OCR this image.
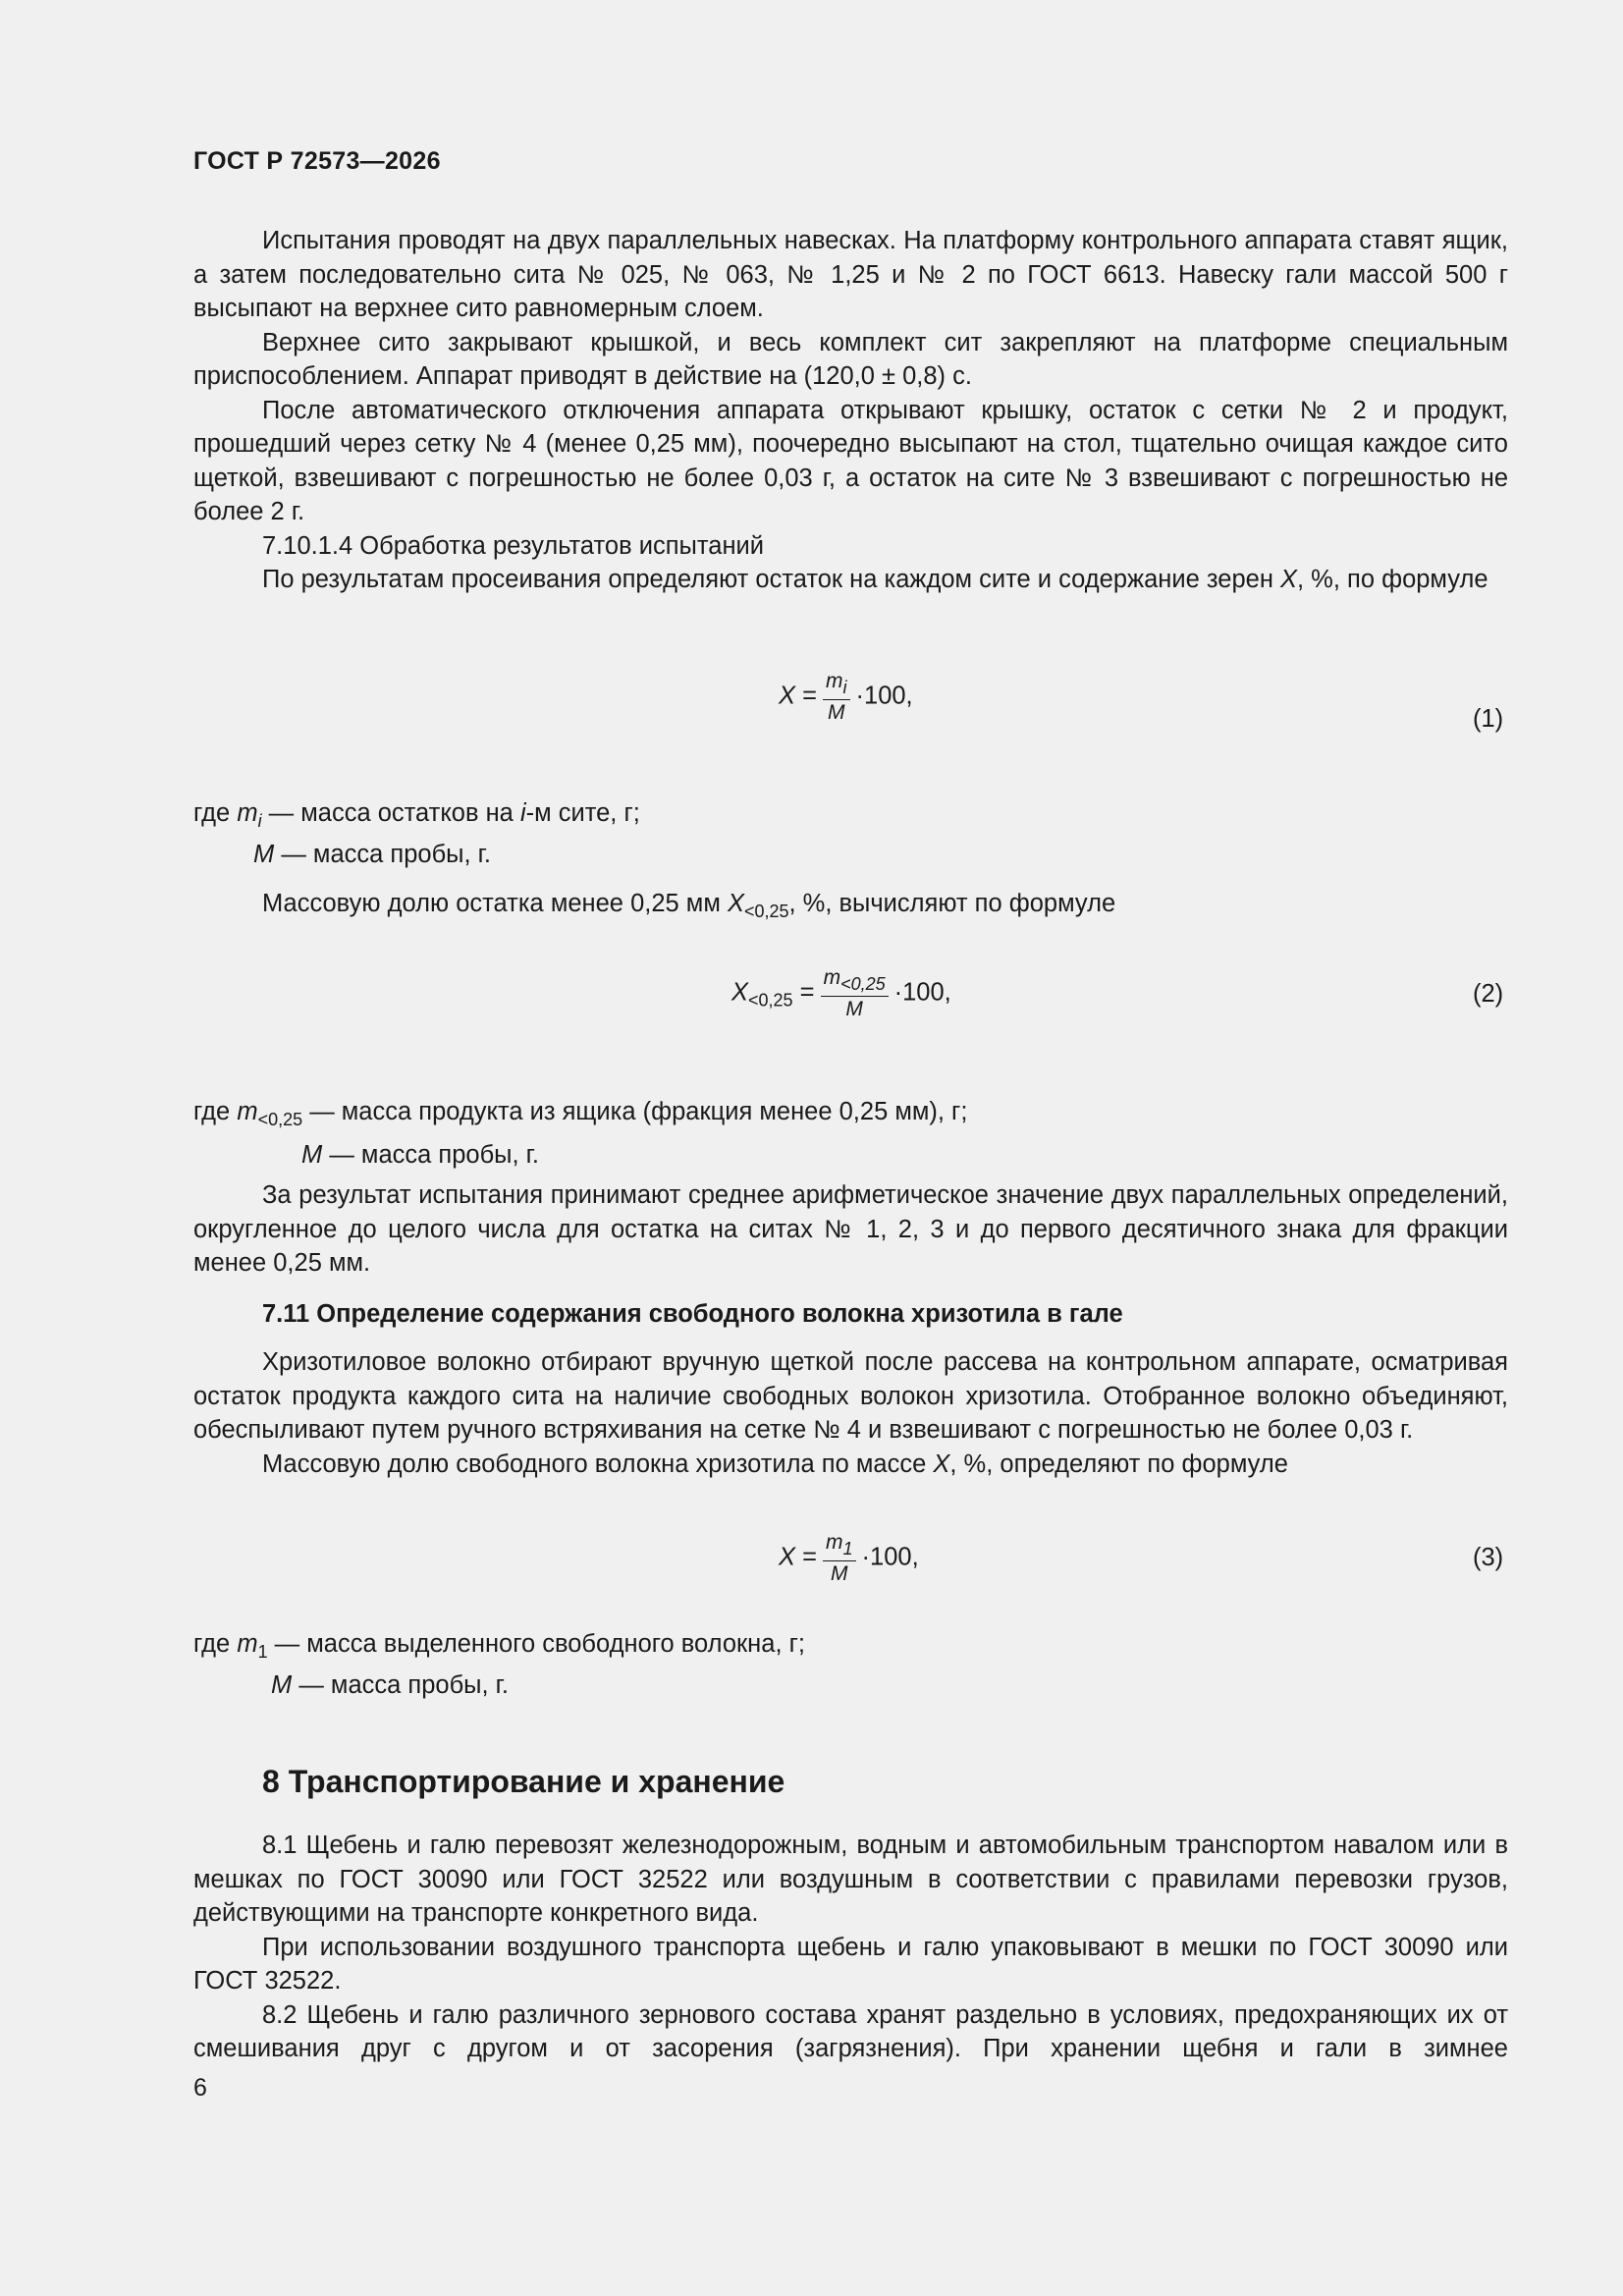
ГОСТ Р 72573—2026

Испытания проводят на двух параллельных навесках. На платформу контрольного аппарата ставят ящик, а затем последовательно сита № 025, № 063, № 1,25 и № 2 по ГОСТ 6613. Навеску гали массой 500 г высыпают на верхнее сито равномерным слоем.

Верхнее сито закрывают крышкой, и весь комплект сит закрепляют на платформе специальным приспособлением. Аппарат приводят в действие на (120,0 ± 0,8) с.

После автоматического отключения аппарата открывают крышку, остаток с сетки № 2 и продукт, прошедший через сетку № 4 (менее 0,25 мм), поочередно высыпают на стол, тщательно очищая каждое сито щеткой, взвешивают с погрешностью не более 0,03 г, а остаток на сите № 3 взвешивают с погрешностью не более 2 г.

7.10.1.4 Обработка результатов испытаний

По результатам просеивания определяют остаток на каждом сите и содержание зерен X, %, по формуле

$X = \frac{mi}{M} \cdot 100$,
(1)
где $m_i$ — масса остатков на i-м сите, г;
M — масса пробы, г.
Массовую долю остатка менее 0,25 мм $X_{<0,25}$, %, вычисляют по формуле
$X_{<0,25} = \frac{m<0,25}{M} \cdot 100$,	(2)
где $m_{<0,25}$ — масса продукта из ящика (фракция менее 0,25 мм), г;
M — масса пробы, г.

За результат испытания принимают среднее арифметическое значение двух параллельных определений, округленное до целого числа для остатка на ситах № 1, 2, 3 и до первого десятичного знака для фракции менее 0,25 мм.

7.11 Определение содержания свободного волокна хризотила в гале

Хризотиловое волокно отбирают вручную щеткой после рассева на контрольном аппарате, осматривая остаток продукта каждого сита на наличие свободных волокон хризотила. Отобранное волокно объединяют, обеспыливают путем ручного встряхивания на сетке № 4 и взвешивают с погрешностью не более 0,03 г.

Массовую долю свободного волокна хризотила по массе X, %, определяют по формуле

$X = \frac{m1}{M} \cdot 100$,	(3)
где $m_1$ — масса выделенного свободного волокна, г;
M — масса пробы, г.
8 Транспортирование и хранение

8.1 Щебень и галю перевозят железнодорожным, водным и автомобильным транспортом навалом или в мешках по ГОСТ 30090 или ГОСТ 32522 или воздушным в соответствии с правилами перевозки грузов, действующими на транспорте конкретного вида.

При использовании воздушного транспорта щебень и галю упаковывают в мешки по ГОСТ 30090 или ГОСТ 32522.

8.2 Щебень и галю различного зернового состава хранят раздельно в условиях, предохраняющих их от смешивания друг с другом и от засорения (загрязнения). При хранении щебня и гали в зимнее

6
